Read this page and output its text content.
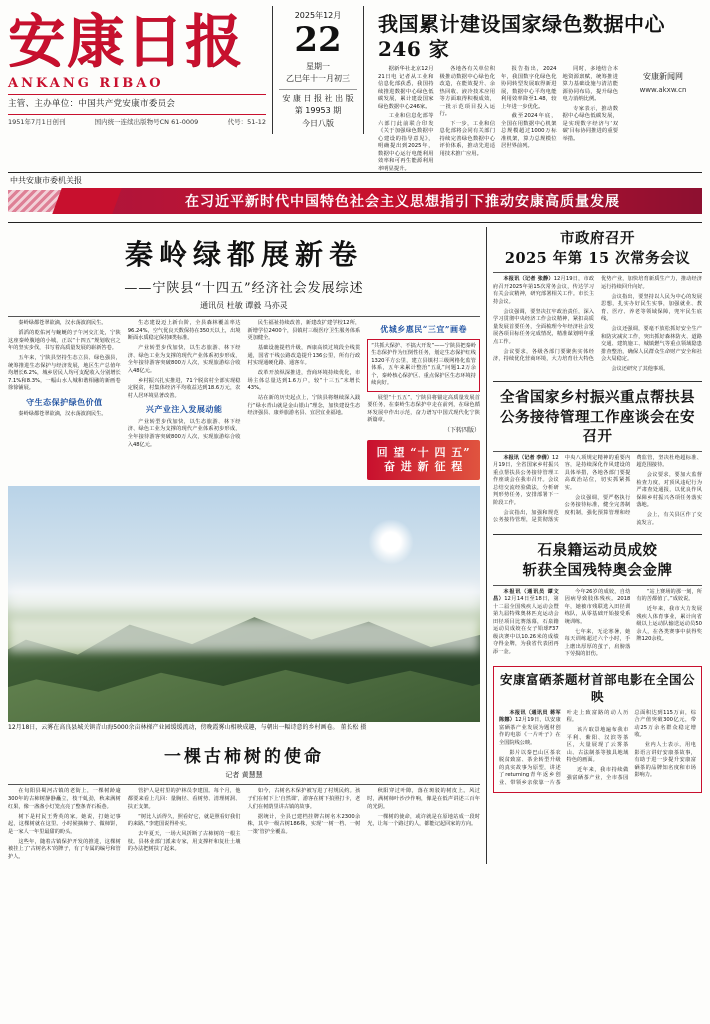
安康日报
ANKANG RIBAO
主管、主办单位：中国共产党安康市委员会
1951年7月1日创刊	国内统一连续出版物号CN 61-0009	代号：51-12
2025年12月
22
星期一
乙巳年十一月初三
安 康 日 报 社 出 版
第 19953 期
今日八版
我国累计建设国家绿色数据中心 246 家

据新华社北京12月21日电 记者从工业和信息化部获悉，我国持续推进数据中心绿色低碳发展，累计建设国家绿色数据中心246家。

工业和信息化部等六部门此前联合印发《关于加强绿色数据中心建设的指导意见》，明确提出到2025年，数据中心运行电能利用效率和可再生能源利用率明显提升。

各地各有关单位积极推动数据中心绿色化改造，在能效提升、余热回收、液冷技术应用等方面取得积极成效，一批示范项目投入运行。

下一步，工业和信息化部将会同有关部门持续完善绿色数据中心评价体系，推动先进适用技术推广应用。

报告指出，2024年，我国数字化绿色化协同转型发展取得新进展，数据中心平均电能利用效率降至1.48，较上年进一步优化。

截至2024年底，全国在用数据中心机架总规模超过1000万标准机架，算力总规模位居世界前列。

同时，多地结合本地资源禀赋，统筹推进算力基础设施与清洁能源协同布局，提升绿色电力消纳比例。

专家表示，推动数据中心绿色低碳发展，是实现数字经济与‘双碳’目标协同推进的重要举措。

安康新闻网
www.akxw.cn
中共安康市委机关报
在习近平新时代中国特色社会主义思想指引下推动安康高质量发展
秦岭绿都展新卷
——宁陕县“十四五”经济社会发展综述
通讯员 杜敏 谭毅 马亦灵

秦岭绿都苍翠欲滴，汉水荡波润民生。

滔滔的乾佑河与蜿蜒的子午河交汇处，宁陕这座秦岭腹地的小城，正以“十四五”规划收官之年的坚实步伐，书写着高质量发展的崭新答卷。

五年来，宁陕县坚持生态立县、绿色强县，统筹推进生态保护与经济发展，地区生产总值年均增长6.2%，城乡居民人均可支配收入分别增长7.1%和8.3%，一幅山水人城和谐相融的新画卷徐徐铺展。

守生态保护绿色价值

秦岭绿都苍翠欲滴，汉水荡波润民生。

生态建设迈上新台阶，全县森林覆盖率达96.24%，空气优良天数保持在350天以上，出境断面水质稳定保持Ⅱ类标准。

产业转型步伐加快，以生态旅游、林下经济、绿色工业为支撑的现代产业体系初步形成，全年接待游客突破800万人次，实现旅游综合收入48亿元。

乡村振兴扎实推进，71个脱贫村全部实现稳定脱贫，村集体经济平均收益达到18.6万元，农村人居环境显著改善。

兴产业注入发展动能

产业转型步伐加快，以生态旅游、林下经济、绿色工业为支撑的现代产业体系初步形成，全年接待游客突破800万人次，实现旅游综合收入48亿元。

民生福祉持续改善，新建改扩建学校12所，新增学位2400个，县镇村三级医疗卫生服务体系更加健全。

基础设施提档升级，西康高铁过境段全线贯通，国省干线公路改造提升136公里，所有行政村实现通硬化路、通客车。

改革开放纵深推进，营商环境持续优化，市场主体总量达到1.6万户，较“十三五”末增长43%。

站在新的历史起点上，宁陕县将继续深入践行“绿水青山就是金山银山”理念，加快建设生态经济强县、康养旅游名县、宜居宜业福地。

优城乡惠民“三宜”画卷
“共抓大保护、不搞大开发”——宁陕县把秦岭生态保护作为压倒性任务，划定生态保护红线1320平方公里，建立县镇村三级网格化监管体系，五年来累计整治“五乱”问题1.2万余个，秦岭核心保护区、重点保护区生态环境持续向好。

展望“十五五”，宁陕县将锚定高质量发展首要任务，在秦岭生态保护中走在前列，在绿色循环发展中作出示范，奋力谱写中国式现代化宁陕新篇章。

（下转四版）
回 望 “十 四 五”
奋 进 新 征 程
12月18日，云雾在高良县城关镇青山海5000余亩林梯产业园缓缓流动，傍晚霞雾山相映成趣，与朝出一幅诗意的乡村画卷。 董长松 摄
一棵古柿树的使命
记者 黄慧慧

在旬阳县蜀河古镇的老街上，一棵树龄逾300年的古柿树静静矗立，枝干虬劲，秋来满树红果，像一盏盏小灯笼点亮了整条青石板巷。

树下是村民王秀英的家。她说，打她记事起，这棵树就在这里。小时候摘柿子、做柿饼，是一家人一年里最甜的盼头。

这些年，随着古镇保护开发的推进，这棵树被挂上了‘古树名木’的牌子，有了专属的编号和管护人。

管护人是村里的护林员李建国。每个月，他都要来看上几回：量胸径、看树势、清理树洞、扶正支架。

“树比人活得久，照看好它，就是照看好我们的来路。”李建国说得朴实。

去年夏天，一场大风折断了古柿树的一根主枝。县林业部门派来专家，用支撑杆和复壮土壤的办法把树扶了起来。

如今，古树名木保护被写进了村规民约。孩子们在树下上‘自然课’，游客在树下拍照打卡，老人们在树荫里讲古镇的故事。

据统计，全县已建档挂牌古树名木2300余株，其中一级古树186株，实现‘一树一档、一树一策’管护全覆盖。

秋阳穿过叶隙，落在斑驳的树皮上。风过时，满树柿叶沙沙作响，像是在低声讲述三百年的光阴。

一棵树的使命，或许就是在原地站成一段时光，让每一个路过的人，都能记起回家的方向。

市政府召开
2025 年第 15 次常务会议

本报讯（记者 张静）12月19日，市政府召开2025年第15次常务会议，传达学习有关会议精神，研究部署相关工作。市长主持会议。

会议强调，要坚决扛牢政治责任，深入学习贯彻中央经济工作会议精神，紧扣高质量发展首要任务，全面梳理今年经济社会发展各项目标任务完成情况，精准谋划明年重点工作。

会议要求，各级各部门要聚焦实体经济，持续优化营商环境，大力培育壮大特色优势产业，加快培育新质生产力，推动经济运行持续回升向好。

会议指出，要坚持以人民为中心的发展思想，扎实办好民生实事，加强就业、教育、医疗、养老等领域保障，兜牢民生底线。

会议还强调，要毫不放松抓好安全生产和防灾减灾工作，突出抓好森林防火、道路交通、建筑施工、城镇燃气等重点领域隐患排查整治，确保人民群众生命财产安全和社会大局稳定。

会议还研究了其他事项。

全省国家乡村振兴重点帮扶县
公务接待管理工作座谈会在安召开

本报讯（记者 李倩）12月19日，全省国家乡村振兴重点帮扶县公务接待管理工作座谈会在我市召开。会议总结交流经验做法，分析研判形势任务，安排部署下一阶段工作。

会议指出，加强和规范公务接待管理，是贯彻落实中央八项规定精神的重要内容，是持续深化作风建设的具体举措，各地各部门要提高政治站位，切实抓紧抓实。

会议强调，要严格执行公务接待标准，健全完善制度机制，强化预算管理和经费监管，坚决杜绝超标准、超范围接待。

会议要求，要加大监督检查力度，对顶风违纪行为严肃查处通报，以优良作风保障乡村振兴各项任务落实落地。

会上，有关县区作了交流发言。

石泉籍运动员成姣
斩获全国残特奥会金牌

本报讯（通讯员 谭文昌）12月14日至18日，第十二届全国残疾人运动会暨第九届特殊奥林匹克运动会田径项目比赛落幕，石泉籍运动员成姣在女子铅球F37级决赛中以10.26米的成绩夺得金牌，为我省代表团再添一金。

今年26岁的成姣，自幼因病导致肢体残疾。2018年，她被市残联选入田径训练队，从零基础开始接受系统训练。

七年来，无论寒暑，她每天训练超过六个小时，手上磨出厚厚的茧子，肩膀落下劳损的旧伤。

“站上赛场的那一刻，所有的苦都值了。”成姣说。

近年来，我市大力发展残疾人体育事业，累计向省级以上运动队输送运动员50余人，在各类赛事中获得奖牌120余枚。

安康富硒茶题材首部电影在全国公映

本报讯（通讯员 蒋军 陈娜）12月19日，以安康富硒茶产业发展为题材创作的电影《一片叶子》在全国院线公映。

影片以秦巴山区茶农脱贫致富、茶企转型升级的真实故事为原型，讲述了returning青年返乡创业、带领乡亲依靠一片茶叶走上致富路的动人历程。

该片取景地遍布我市平利、紫阳、汉滨等茶区，大量展现了云雾茶山、古法制茶等独具地域特色的画面。

近年来，我市持续做强富硒茶产业，全市茶园总面积达到115万亩，综合产值突破300亿元，带动25万余名群众稳定增收。

业内人士表示，用电影语言讲好安康茶故事，有助于进一步提升安康富硒茶的品牌知名度和市场影响力。
